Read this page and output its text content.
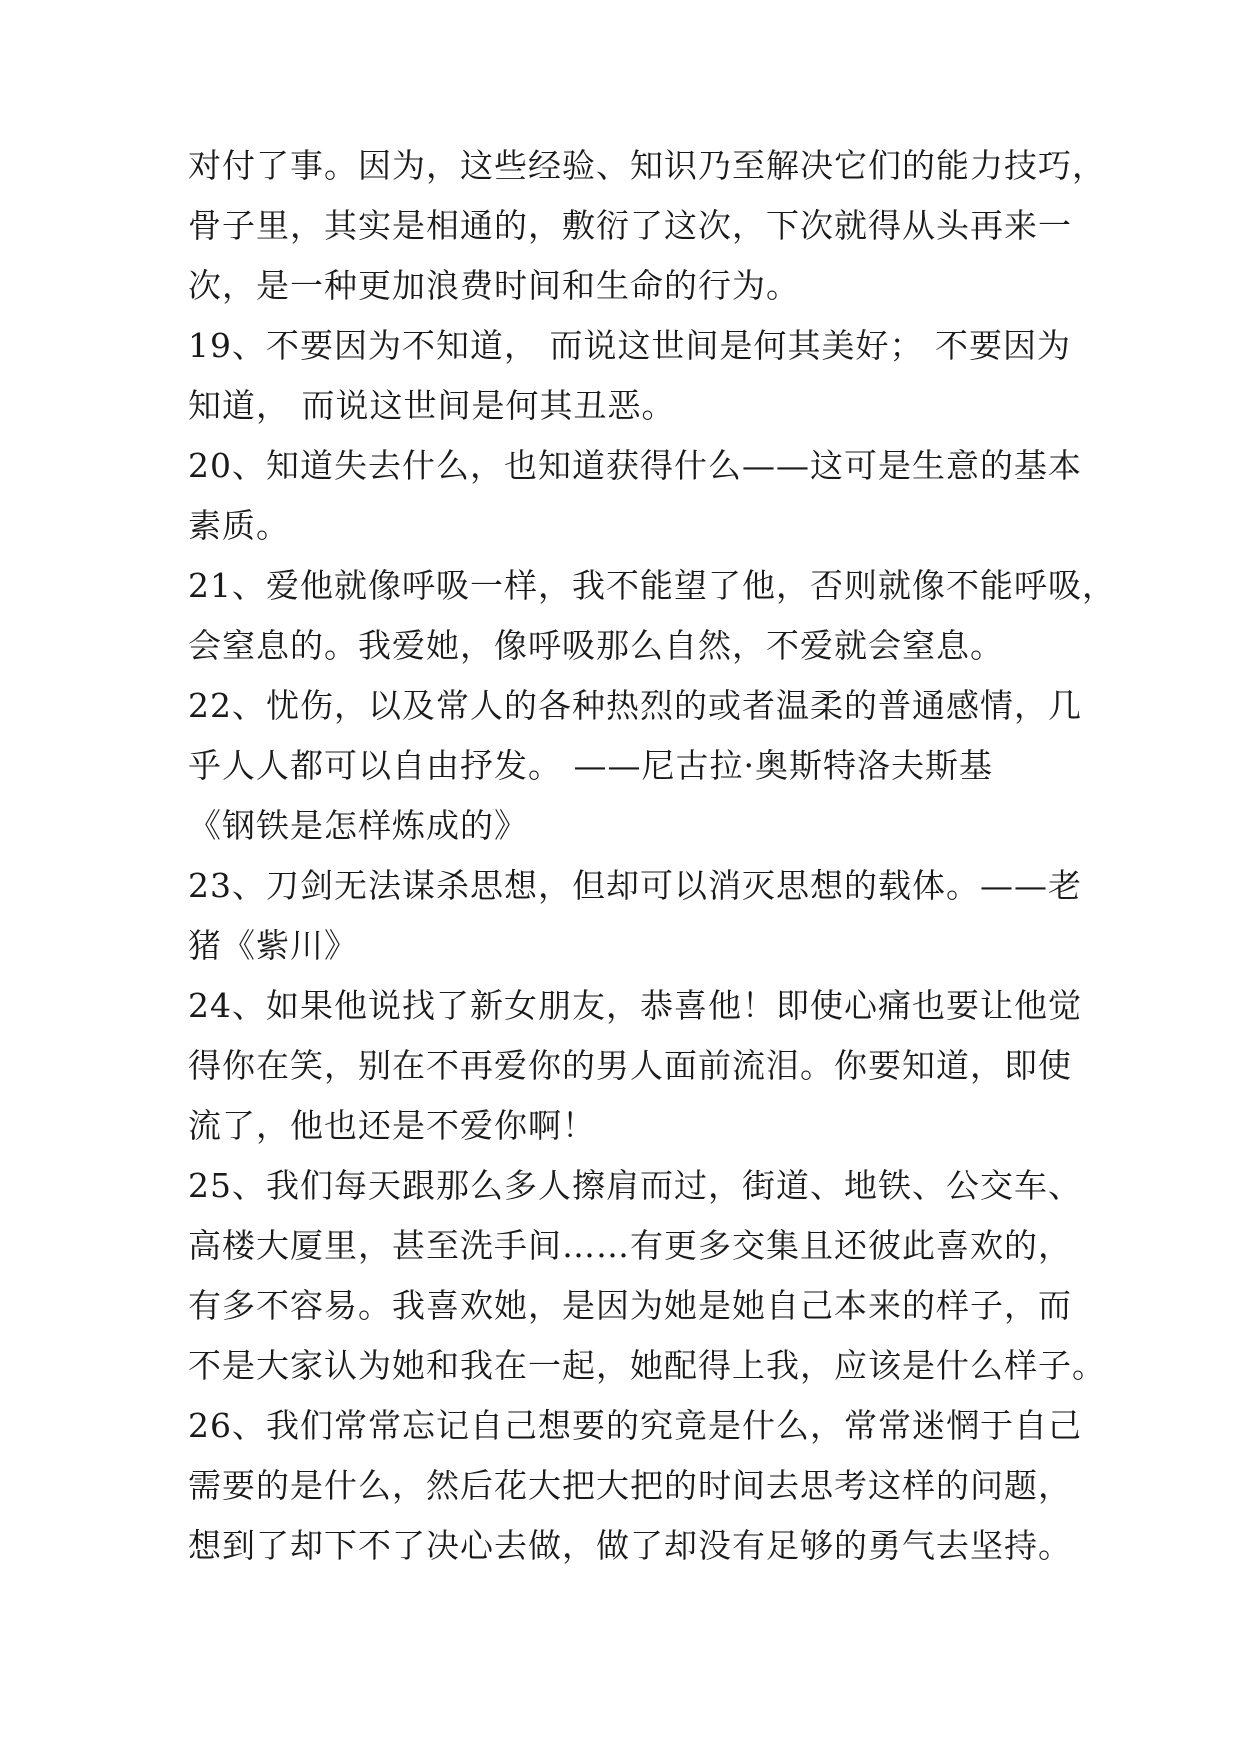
对付了事。因为，这些经验、知识乃至解决它们的能力技巧，
骨子里，其实是相通的，敷衍了这次，下次就得从头再来一
次，是一种更加浪费时间和生命的行为。
19、不要因为不知道， 而说这世间是何其美好； 不要因为
知道， 而说这世间是何其丑恶。
20、知道失去什么，也知道获得什么——这可是生意的基本
素质。
21、爱他就像呼吸一样，我不能望了他，否则就像不能呼吸，
会窒息的。我爱她，像呼吸那么自然，不爱就会窒息。
22、忧伤，以及常人的各种热烈的或者温柔的普通感情，几
乎人人都可以自由抒发。 ——尼古拉·奥斯特洛夫斯基
《钢铁是怎样炼成的》
23、刀剑无法谋杀思想，但却可以消灭思想的载体。——老
猪《紫川》
24、如果他说找了新女朋友，恭喜他！即使心痛也要让他觉
得你在笑，别在不再爱你的男人面前流泪。你要知道，即使
流了，他也还是不爱你啊！
25、我们每天跟那么多人擦肩而过，街道、地铁、公交车、
高楼大厦里，甚至洗手间……有更多交集且还彼此喜欢的，
有多不容易。我喜欢她，是因为她是她自己本来的样子，而
不是大家认为她和我在一起，她配得上我，应该是什么样子。
26、我们常常忘记自己想要的究竟是什么，常常迷惘于自己
需要的是什么，然后花大把大把的时间去思考这样的问题，
想到了却下不了决心去做，做了却没有足够的勇气去坚持。
